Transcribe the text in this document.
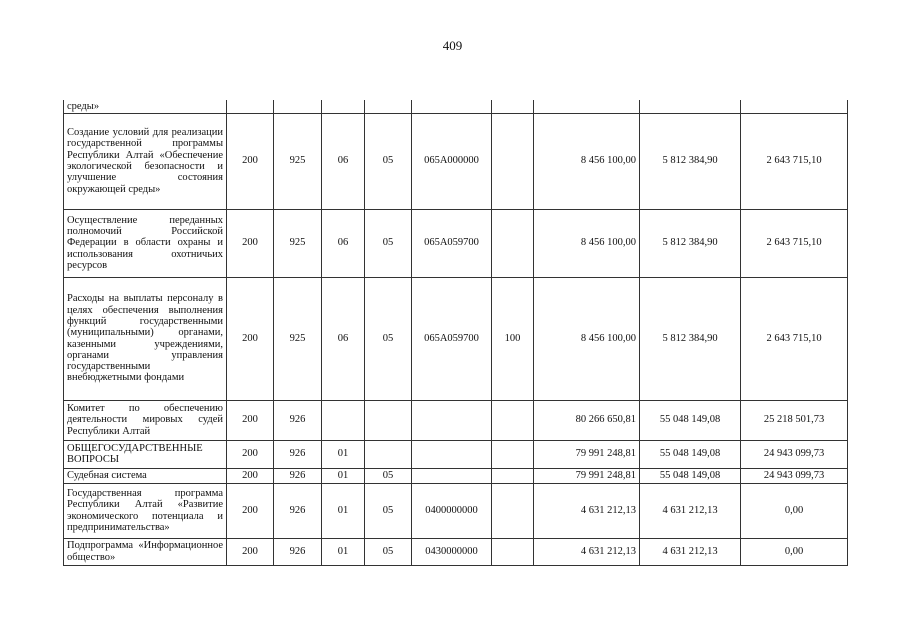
409
среды»									
Создание условий для реализации государственной программы Республики Алтай «Обеспечение экологической безопасности и улучшение состояния окружающей среды»	200	925	06	05	065A000000		8 456 100,00	5 812 384,90	2 643 715,10
Осуществление переданных полномочий Российской Федерации в области охраны и использования охотничьих ресурсов	200	925	06	05	065A059700		8 456 100,00	5 812 384,90	2 643 715,10
Расходы на выплаты персоналу в целях обеспечения выполнения функций государственными (муниципальными) органами, казенными учреждениями, органами управления государственными внебюджетными фондами	200	925	06	05	065A059700	100	8 456 100,00	5 812 384,90	2 643 715,10
Комитет по обеспечению деятельности мировых судей Республики Алтай	200	926					80 266 650,81	55 048 149,08	25 218 501,73
ОБЩЕГОСУДАРСТВЕННЫЕ ВОПРОСЫ	200	926	01				79 991 248,81	55 048 149,08	24 943 099,73
Судебная система	200	926	01	05			79 991 248,81	55 048 149,08	24 943 099,73
Государственная программа Республики Алтай «Развитие экономического потенциала и предпринимательства»	200	926	01	05	0400000000		4 631 212,13	4 631 212,13	0,00
Подпрограмма «Информационное общество»	200	926	01	05	0430000000		4 631 212,13	4 631 212,13	0,00
